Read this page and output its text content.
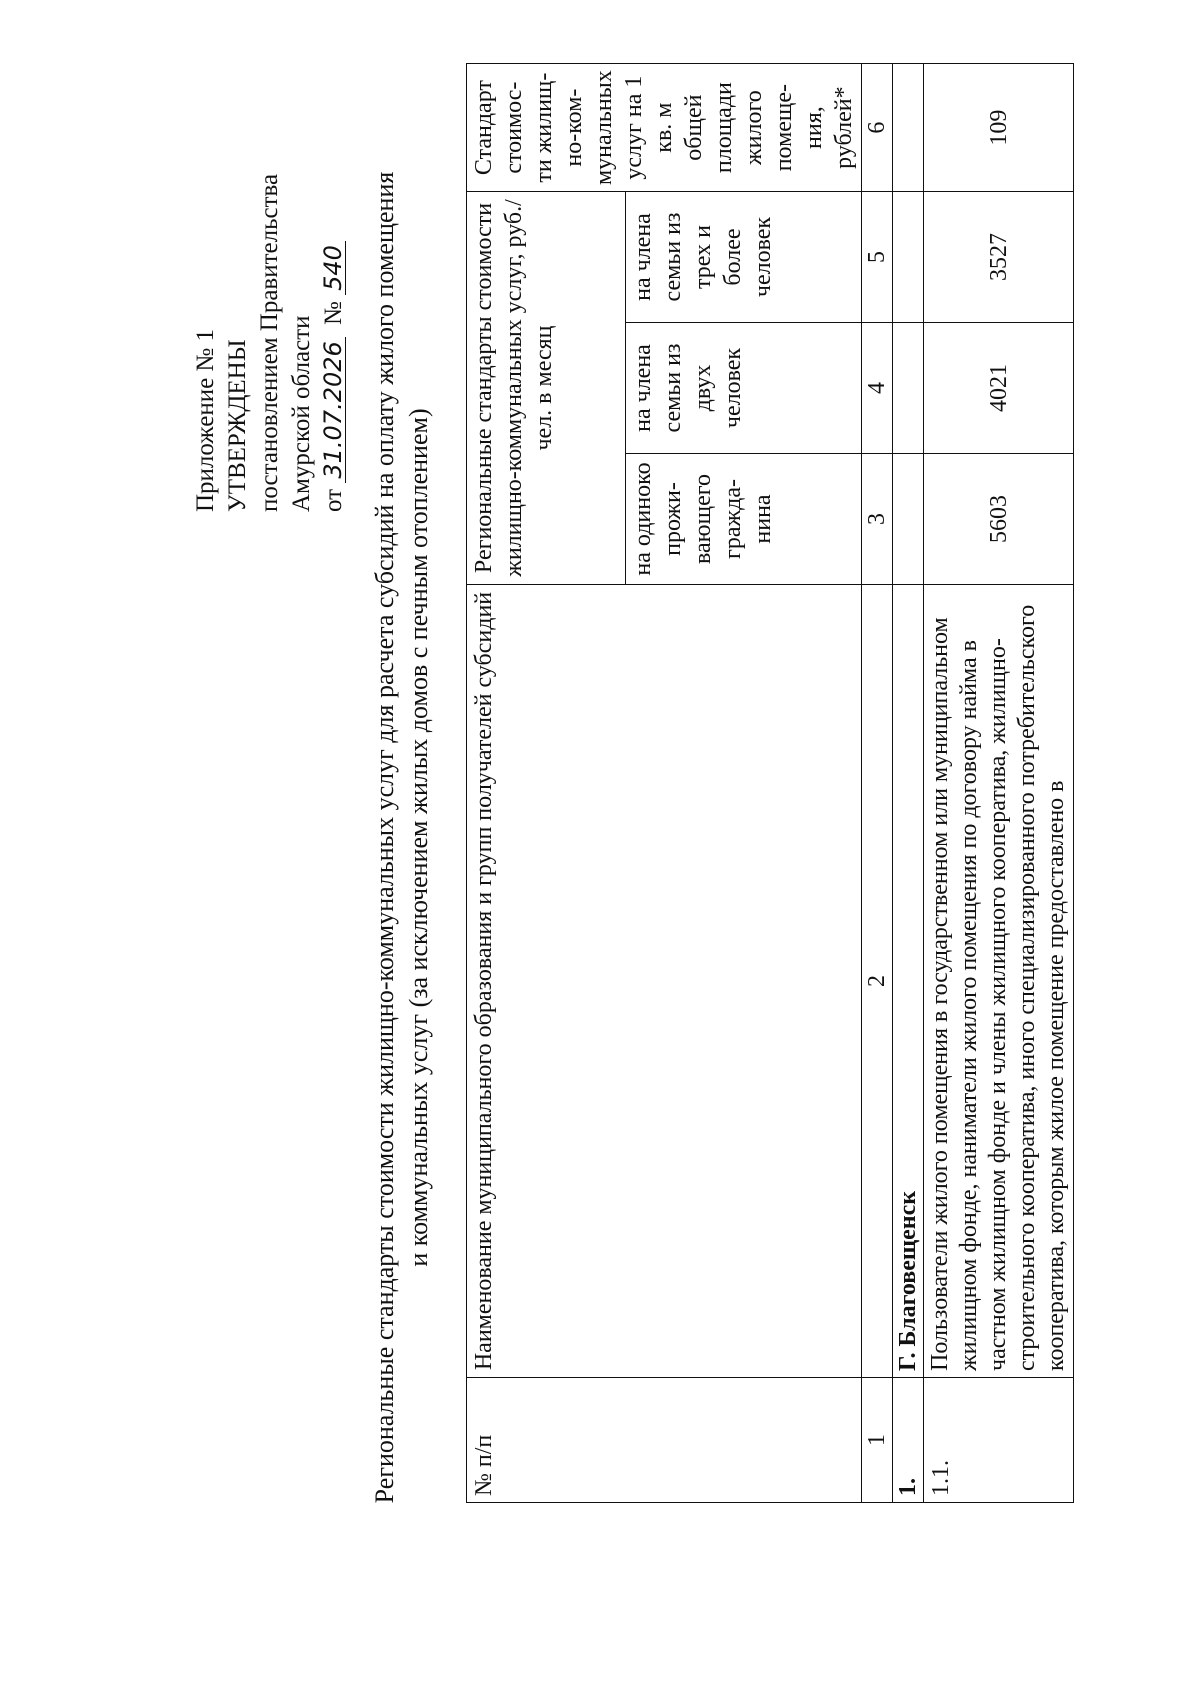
Приложение № 1 УТВЕРЖДЕНЫ постановлением Правительства Амурской области от 31.07.2026 № 540 Региональные стандарты стоимости жилищно-коммунальных услуг для расчета субсидий на оплату жилого помещения и коммунальных услуг (за исключением жилых домов с печным отоплением)
№ п/п	Наименование муниципального образования и групп получателей субсидий	Региональные стандарты стоимости жилищно-коммунальных услуг, руб./чел. в месяц			Стандарт стоимос-ти жилищ-но-ком-мунальных услуг на 1 кв. м общей площади жилого помеще-ния, рублей*
		на одиноко прожи-вающего гражда-нина	на члена семьи из двух человек	на члена семьи из трех и более человек	
1	2	3	4	5	6
1.	Г. Благовещенск				
1.1.	Пользователи жилого помещения в государственном или муниципальном жилищном фонде, наниматели жилого помещения по договору найма в частном жилищном фонде и члены жилищного кооператива, жилищно-строительного кооператива, иного специализированного потребительского кооператива, которым жилое помещение предоставлено в	5603	4021	3527	109
